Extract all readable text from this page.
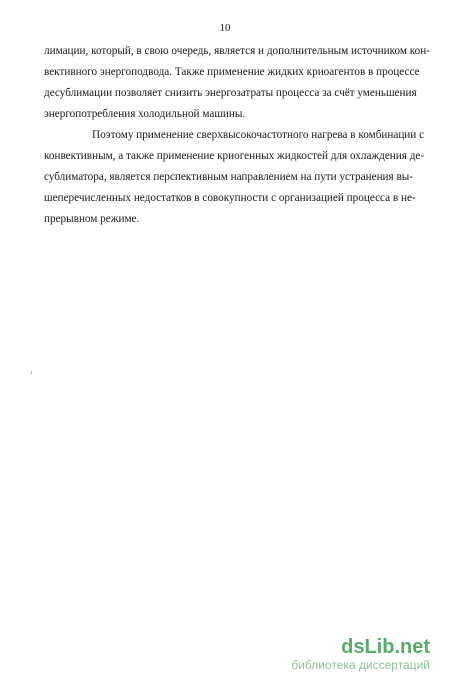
10
лимации, который, в свою очередь, является и дополнительным источником кон-
вективного энергоподвода. Также применение жидких криоагентов в процессе
десублимации позволяет снизить энергозатраты процесса за счёт уменьшения
энергопотребления холодильной машины.
Поэтому применение сверхвысокочастотного нагрева в комбинации с
конвективным, а также применение криогенных жидкостей для охлаждения де-
сублиматора, является перспективным направлением на пути устранения вы-
шеперечисленных недостатков в совокупности с организацией процесса в не-
прерывном режиме.
dsLib.net
библиотека диссертаций
